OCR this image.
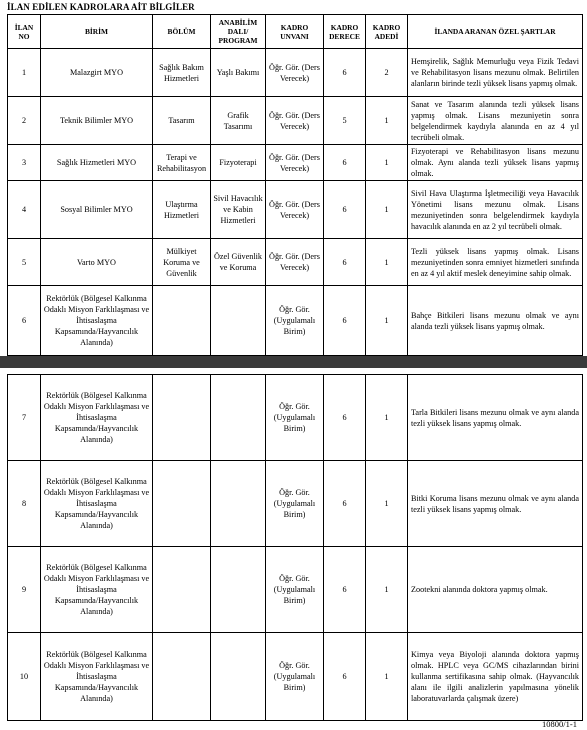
İLAN EDİLEN KADROLARA AİT BİLGİLER
İLAN NO	BİRİM	BÖLÜM	ANABİLİM DALI/ PROGRAM	KADRO UNVANI	KADRO DERECE	KADRO ADEDİ	İLANDA ARANAN ÖZEL ŞARTLAR
1	Malazgirt MYO	Sağlık Bakım Hizmetleri	Yaşlı Bakımı	Öğr. Gör. (Ders Verecek)	6	2	Hemşirelik, Sağlık Memurluğu veya Fizik Tedavi ve Rehabilitasyon lisans mezunu olmak. Belirtilen alanların birinde tezli yüksek lisans yapmış olmak.
2	Teknik Bilimler MYO	Tasarım	Grafik Tasarımı	Öğr. Gör. (Ders Verecek)	5	1	Sanat ve Tasarım alanında tezli yüksek lisans yapmış olmak. Lisans mezuniyetin sonra belgelendirmek kaydıyla alanında en az 4 yıl tecrübeli olmak.
3	Sağlık Hizmetleri MYO	Terapi ve Rehabilitasyon	Fizyoterapi	Öğr. Gör. (Ders Verecek)	6	1	Fizyoterapi ve Rehabilitasyon lisans mezunu olmak. Aynı alanda tezli yüksek lisans yapmış olmak.
4	Sosyal Bilimler MYO	Ulaştırma Hizmetleri	Sivil Havacılık ve Kabin Hizmetleri	Öğr. Gör. (Ders Verecek)	6	1	Sivil Hava Ulaştırma İşletmeciliği veya Havacılık Yönetimi lisans mezunu olmak. Lisans mezuniyetinden sonra belgelendirmek kaydıyla havacılık alanında en az 2 yıl tecrübeli olmak.
5	Varto MYO	Mülkiyet Koruma ve Güvenlik	Özel Güvenlik ve Koruma	Öğr. Gör. (Ders Verecek)	6	1	Tezli yüksek lisans yapmış olmak. Lisans mezuniyetinden sonra emniyet hizmetleri sınıfında en az 4 yıl aktif meslek deneyimine sahip olmak.
6	Rektörlük (Bölgesel Kalkınma Odaklı Misyon Farklılaşması ve İhtisaslaşma Kapsamında/Hayvancılık Alanında)			Öğr. Gör. (Uygulamalı Birim)	6	1	Bahçe Bitkileri lisans mezunu olmak ve aynı alanda tezli yüksek lisans yapmış olmak.
7	Rektörlük (Bölgesel Kalkınma Odaklı Misyon Farklılaşması ve İhtisaslaşma Kapsamında/Hayvancılık Alanında)			Öğr. Gör. (Uygulamalı Birim)	6	1	Tarla Bitkileri lisans mezunu olmak ve aynı alanda tezli yüksek lisans yapmış olmak.
8	Rektörlük (Bölgesel Kalkınma Odaklı Misyon Farklılaşması ve İhtisaslaşma Kapsamında/Hayvancılık Alanında)			Öğr. Gör. (Uygulamalı Birim)	6	1	Bitki Koruma lisans mezunu olmak ve aynı alanda tezli yüksek lisans yapmış olmak.
9	Rektörlük (Bölgesel Kalkınma Odaklı Misyon Farklılaşması ve İhtisaslaşma Kapsamında/Hayvancılık Alanında)			Öğr. Gör. (Uygulamalı Birim)	6	1	Zootekni alanında doktora yapmış olmak.
10	Rektörlük (Bölgesel Kalkınma Odaklı Misyon Farklılaşması ve İhtisaslaşma Kapsamında/Hayvancılık Alanında)			Öğr. Gör. (Uygulamalı Birim)	6	1	Kimya veya Biyoloji alanında doktora yapmış olmak. HPLC veya GC/MS cihazlarından birini kullanma sertifikasına sahip olmak. (Hayvancılık alanı ile ilgili analizlerin yapılmasına yönelik laboratuvarlarda çalışmak üzere)
10800/1-1
